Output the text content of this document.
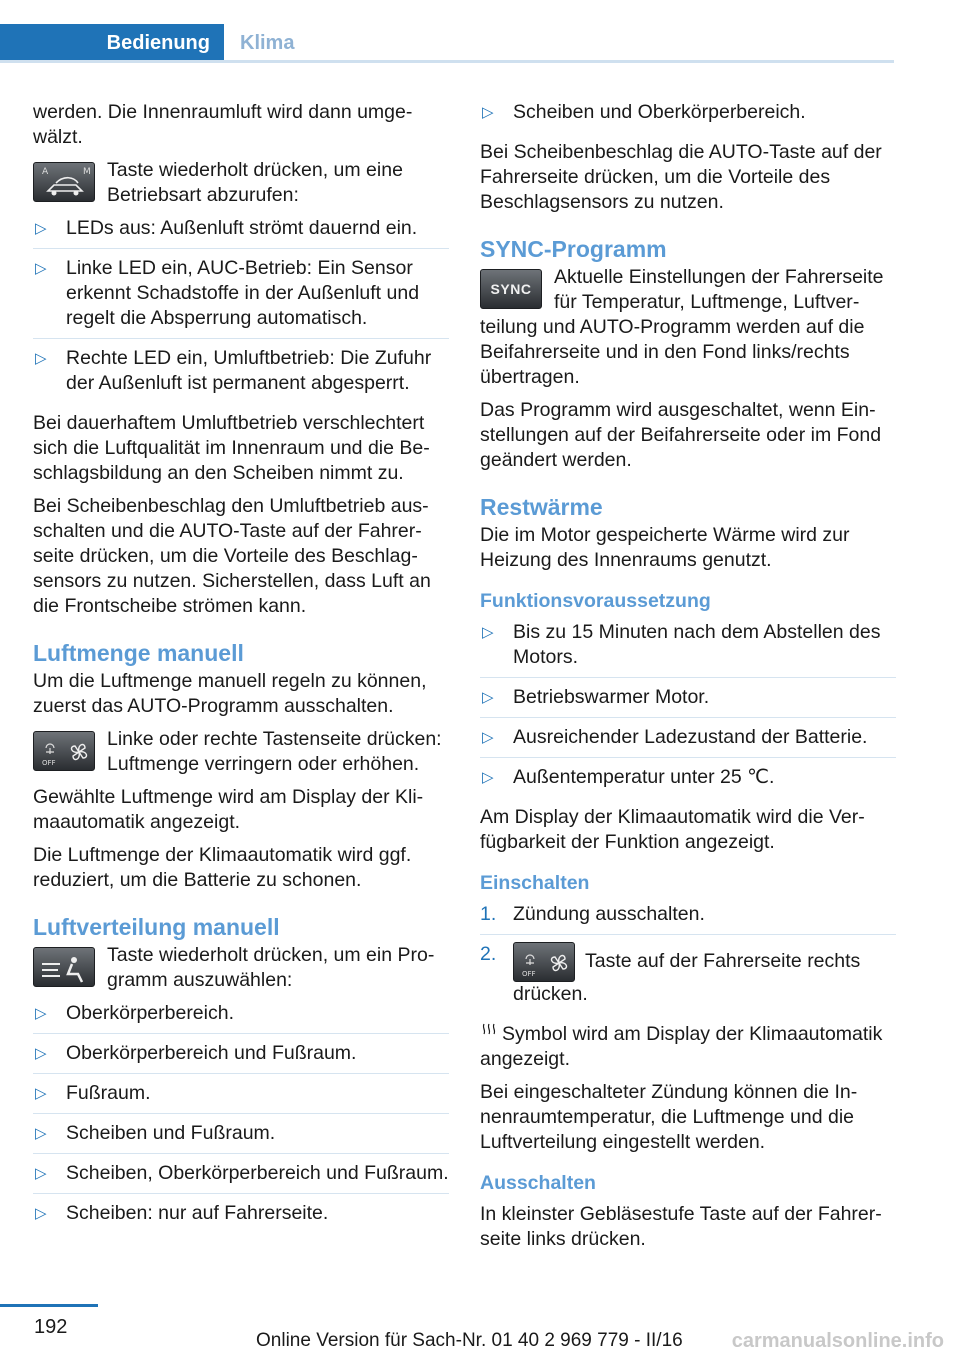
Bedienung	Klima

werden. Die Innenraumluft wird dann umgewälzt.

A	M Taste wiederholt drücken, um eine Betriebsart abzurufen:
▷ LEDs aus: Außenluft strömt dauernd ein.
▷ Linke LED ein, AUC-Betrieb: Ein Sensor erkennt Schadstoffe in der Außenluft und regelt die Absperrung automatisch.
▷ Rechte LED ein, Umluftbetrieb: Die Zufuhr der Außenluft ist permanent abgesperrt.

Bei dauerhaftem Umluftbetrieb verschlechtert sich die Luftqualität im Innenraum und die Beschlagsbildung an den Scheiben nimmt zu.

Bei Scheibenbeschlag den Umluftbetrieb ausschalten und die AUTO-Taste auf der Fahrerseite drücken, um die Vorteile des Beschlagsensors zu nutzen. Sicherstellen, dass Luft an die Frontscheibe strömen kann.

Luftmenge manuell

Um die Luftmenge manuell regeln zu können, zuerst das AUTO-Programm ausschalten.

OFF
Linke oder rechte Tastenseite drücken: Luftmenge verringern oder erhöhen.

Gewählte Luftmenge wird am Display der Klimaautomatik angezeigt.

Die Luftmenge der Klimaautomatik wird ggf. reduziert, um die Batterie zu schonen.

Luftverteilung manuell
Taste wiederholt drücken, um ein Programm auszuwählen:
▷ Oberkörperbereich.
▷ Oberkörperbereich und Fußraum.
▷ Fußraum.
▷ Scheiben und Fußraum.
▷ Scheiben, Oberkörperbereich und Fußraum.
▷ Scheiben: nur auf Fahrerseite.
▷ Scheiben und Oberkörperbereich.

Bei Scheibenbeschlag die AUTO-Taste auf der Fahrerseite drücken, um die Vorteile des Beschlagsensors zu nutzen.

SYNC-Programm
SYNC
Aktuelle Einstellungen der Fahrerseite für Temperatur, Luftmenge, Luftverteilung und AUTO-Programm werden auf die Beifahrerseite und in den Fond links/rechts übertragen.

Das Programm wird ausgeschaltet, wenn Einstellungen auf der Beifahrerseite oder im Fond geändert werden.

Restwärme

Die im Motor gespeicherte Wärme wird zur Heizung des Innenraums genutzt.

Funktionsvoraussetzung
▷ Bis zu 15 Minuten nach dem Abstellen des Motors.
▷ Betriebswarmer Motor.
▷ Ausreichender Ladezustand der Batterie.
▷ Außentemperatur unter 25 ℃.

Am Display der Klimaautomatik wird die Verfügbarkeit der Funktion angezeigt.

Einschalten
1. Zündung ausschalten.
2.
OFF
Taste auf der Fahrerseite rechts drücken.

Symbol wird am Display der Klimaautomatik angezeigt.

Bei eingeschalteter Zündung können die Innenraumtemperatur, die Luftmenge und die Luftverteilung eingestellt werden.

Ausschalten

In kleinster Gebläsestufe Taste auf der Fahrerseite links drücken.

192
Online Version für Sach-Nr. 01 40 2 969 779 - II/16 carmanualsonline.info
